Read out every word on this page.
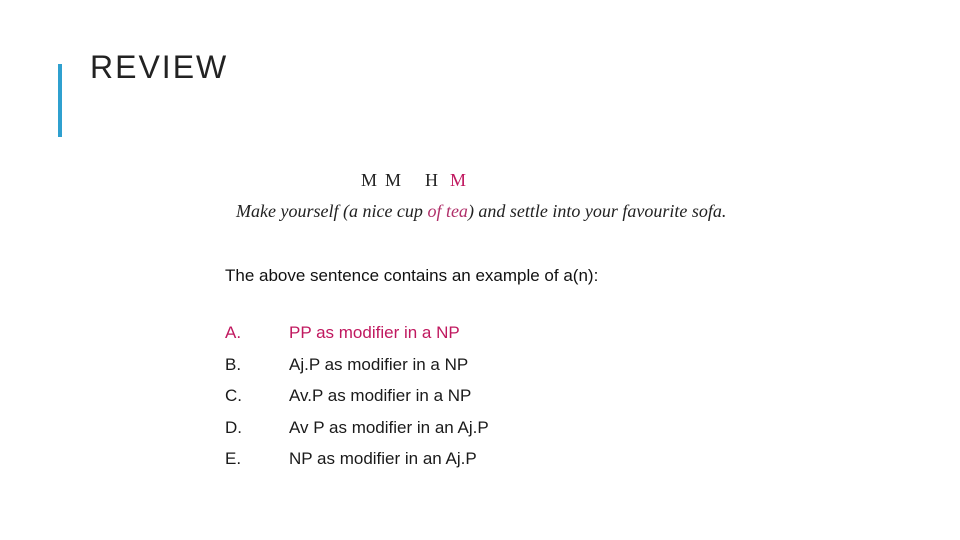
REVIEW
M M H M
Make yourself (a nice cup of tea) and settle into your favourite sofa.
The above sentence contains an example of a(n):
A.	PP as modifier in a NP
B.	Aj.P as modifier in a NP
C.	Av.P as modifier in a NP
D.	Av P as modifier in an Aj.P
E.	NP as modifier in an Aj.P
